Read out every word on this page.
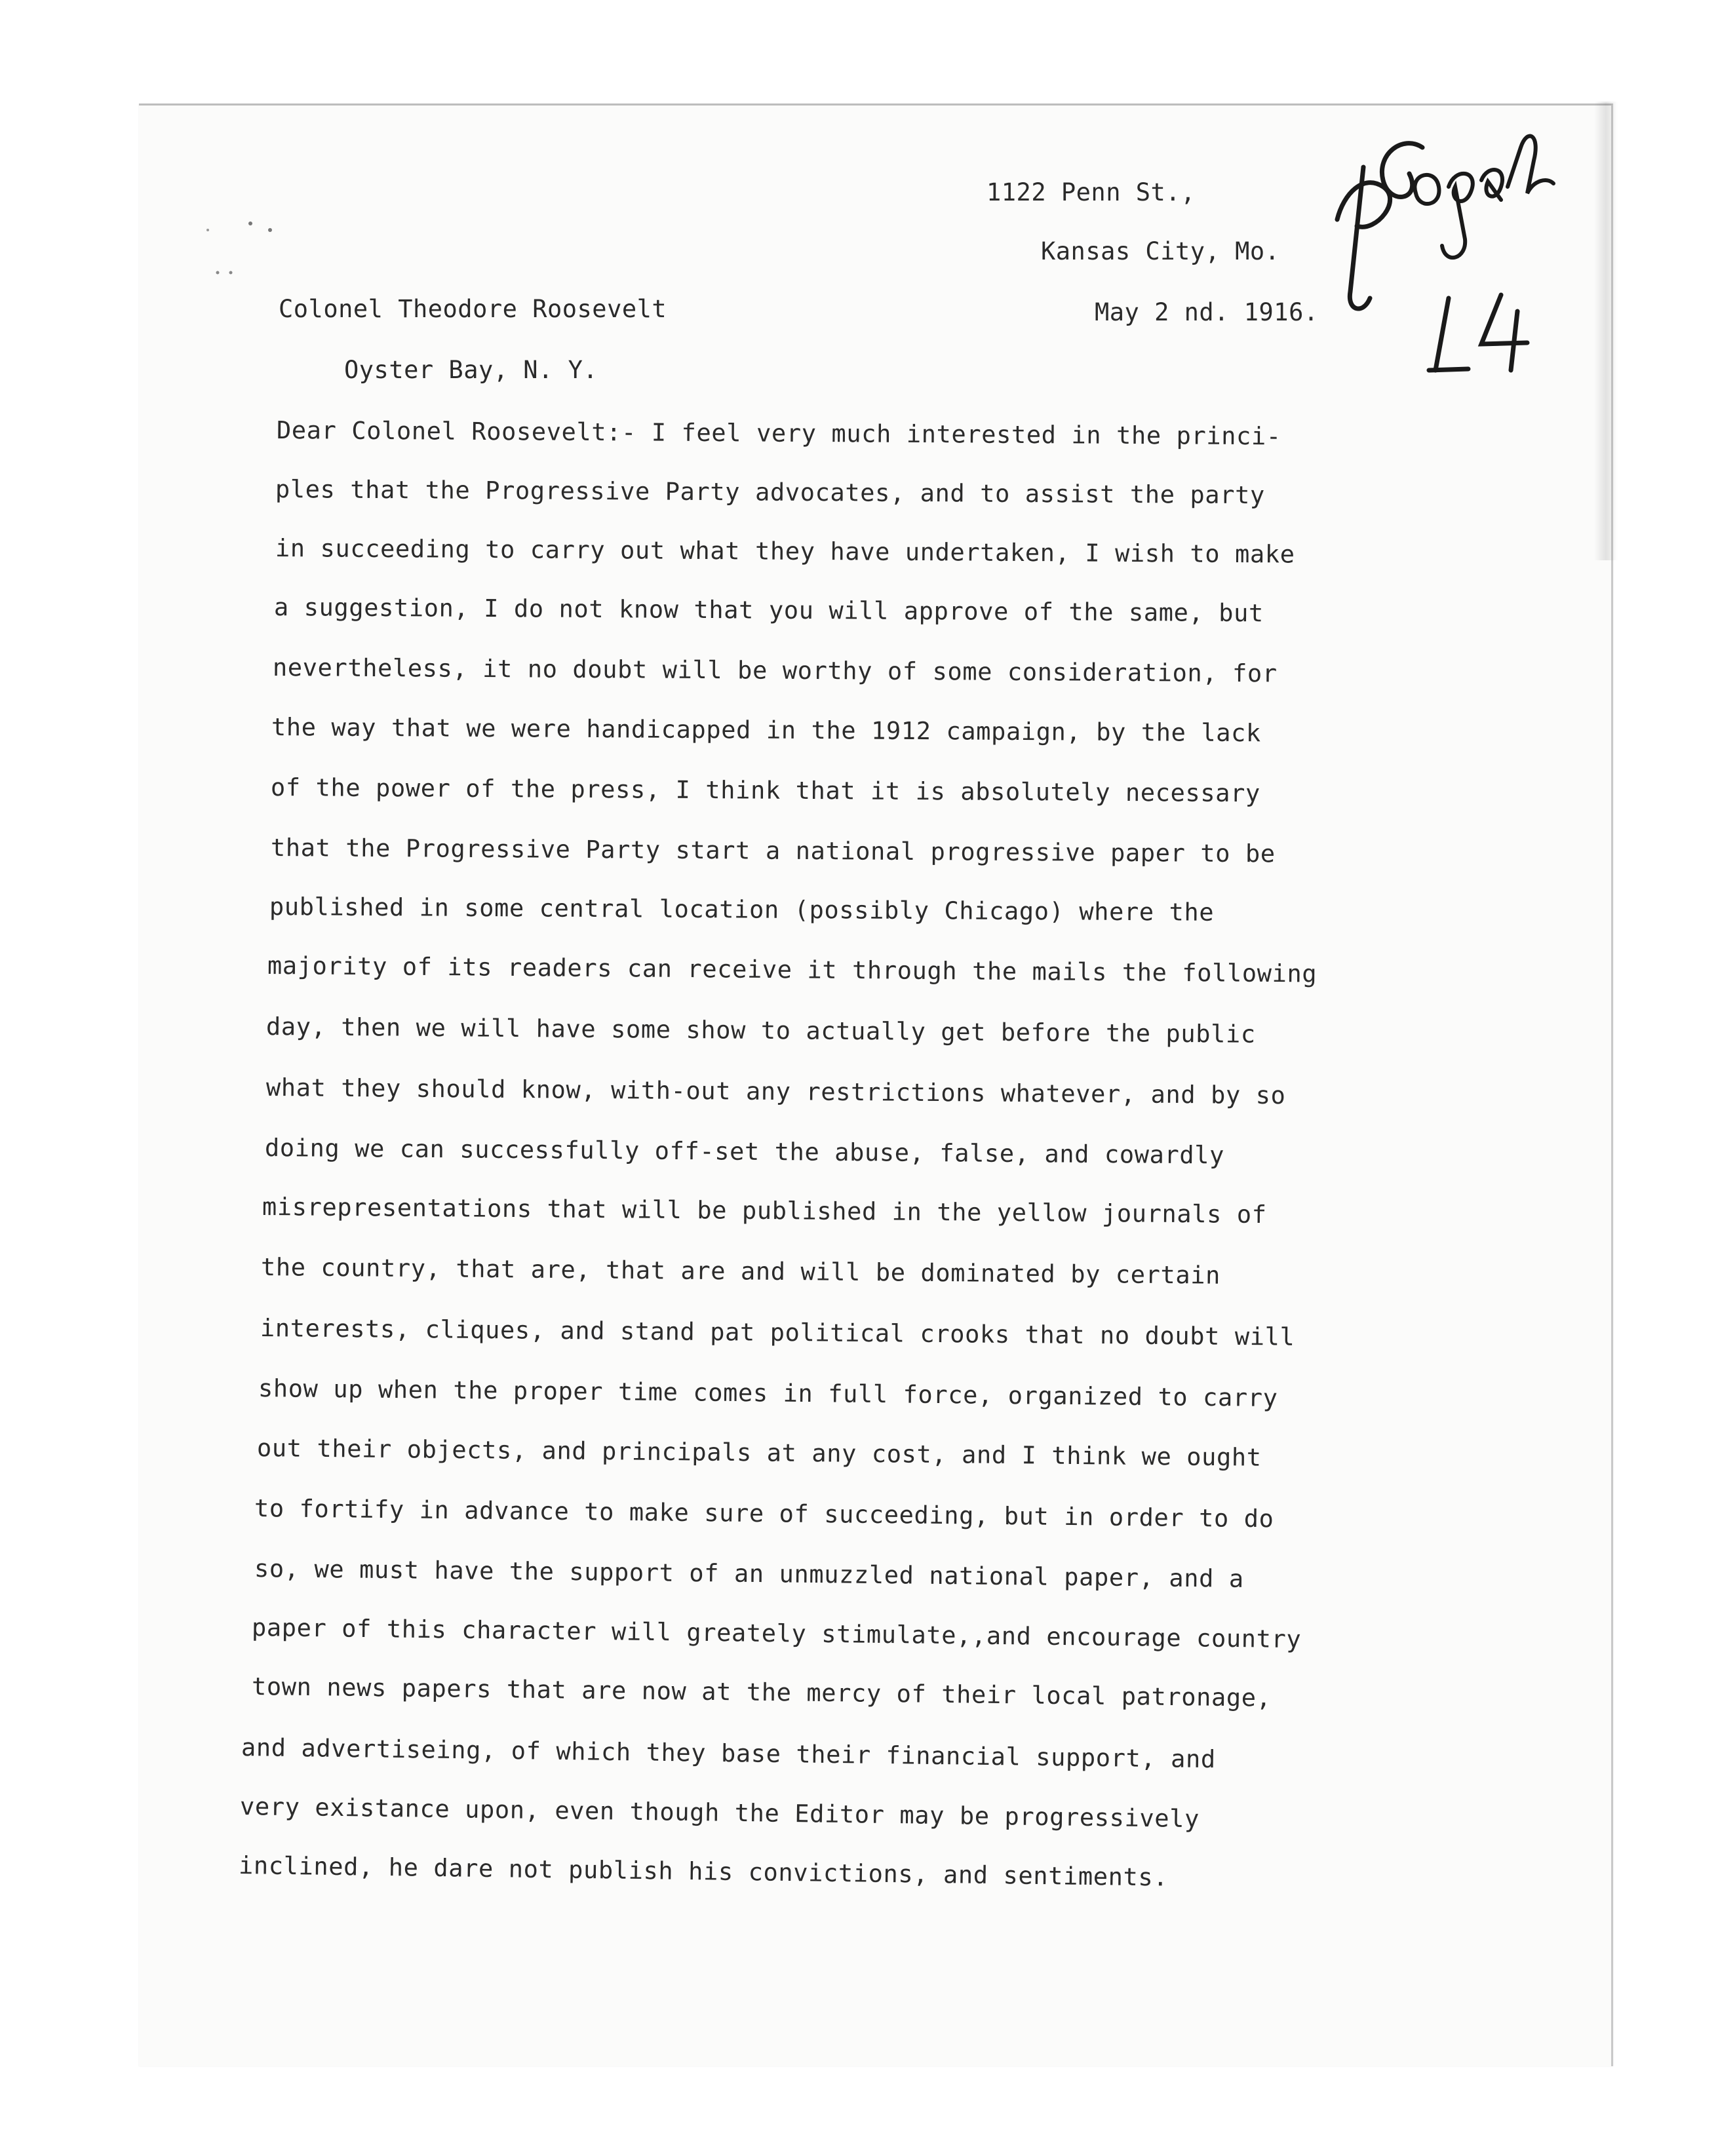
1122 Penn St.,
Kansas City, Mo.
May 2 nd. 1916.
Colonel Theodore Roosevelt
Oyster Bay, N. Y.
Dear Colonel Roosevelt:- I feel very much interested in the princi-
ples that the Progressive Party advocates, and to assist the party
in succeeding to carry out what they have undertaken, I wish to make
a suggestion, I do not know that you will approve of the same, but
nevertheless, it no doubt will be worthy of some consideration, for
the way that we were handicapped in the 1912 campaign, by the lack
of the power of the press, I think that it is absolutely necessary
that the Progressive Party start a national progressive paper to be
published in some central location (possibly Chicago) where the
majority of its readers can receive it through the mails the following
day, then we will have some show to actually get before the public
what they should know, with-out any restrictions whatever, and by so
doing we can successfully off-set the abuse, false, and cowardly
misrepresentations that will be published in the yellow journals of
the country, that are, that are and will be dominated by certain
interests, cliques, and stand pat political crooks that no doubt will
show up when the proper time comes in full force, organized to carry
out their objects, and principals at any cost, and I think we ought
to fortify in advance to make sure of succeeding, but in order to do
so, we must have the support of an unmuzzled national paper, and a
paper of this character will greately stimulate,,and encourage country
town news papers that are now at the mercy of their local patronage,
and advertiseing, of which they base their financial support, and
very existance upon, even though the Editor may be progressively
inclined, he dare not publish his convictions, and sentiments.
